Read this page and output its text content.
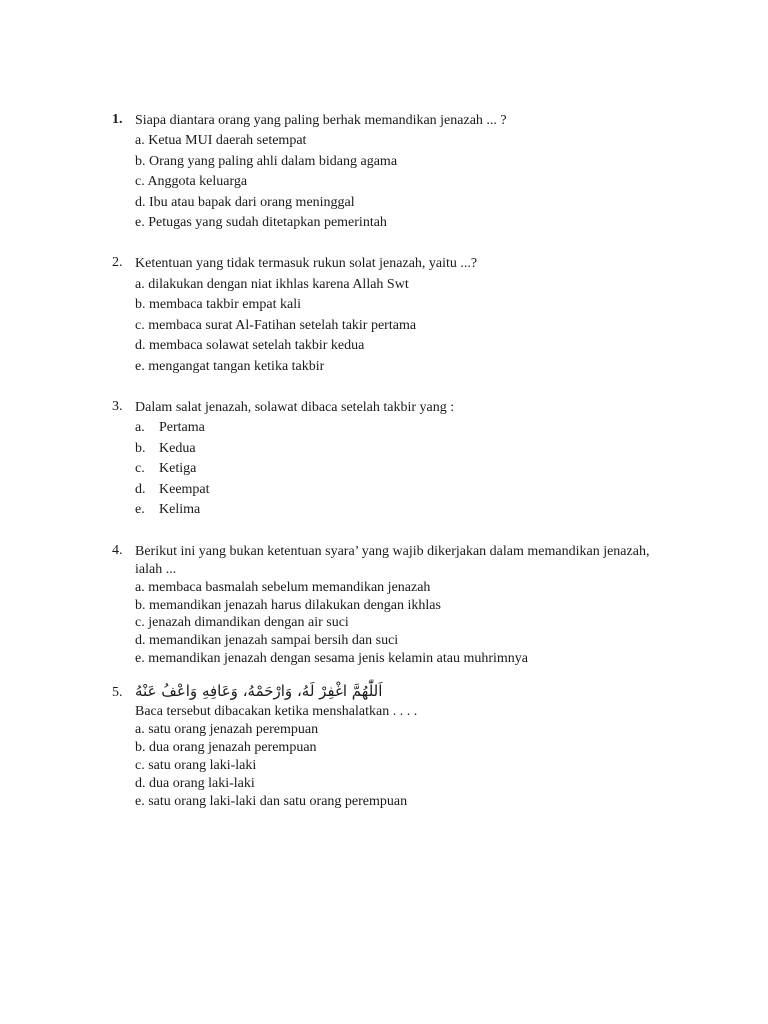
1. Siapa diantara orang yang paling berhak memandikan jenazah ... ?
a. Ketua MUI daerah setempat
b. Orang yang paling ahli dalam bidang agama
c. Anggota keluarga
d. Ibu atau bapak dari orang meninggal
e. Petugas yang sudah ditetapkan pemerintah
2. Ketentuan yang tidak termasuk rukun solat jenazah, yaitu ...?
a. dilakukan dengan niat ikhlas karena Allah Swt
b. membaca takbir empat kali
c. membaca surat Al-Fatihan setelah takir pertama
d. membaca solawat setelah takbir kedua
e. mengangat tangan ketika takbir
3. Dalam salat jenazah, solawat dibaca setelah takbir yang :
a. Pertama
b. Kedua
c. Ketiga
d. Keempat
e. Kelima
4. Berikut ini yang bukan ketentuan syara’ yang wajib dikerjakan dalam memandikan jenazah, ialah ...
a. membaca basmalah sebelum memandikan jenazah
b. memandikan jenazah harus dilakukan dengan ikhlas
c. jenazah dimandikan dengan air suci
d. memandikan jenazah sampai bersih dan suci
e. memandikan jenazah dengan sesama jenis kelamin atau muhrimnya
5. اَللّٰهُمَّ اغْفِرْ لَهُ، وَارْحَمْهُ، وَعَافِهِ وَاعْفُ عَنْهُ
Baca tersebut dibacakan ketika menshalatkan . . . .
a. satu orang jenazah perempuan
b. dua orang jenazah perempuan
c. satu orang laki-laki
d. dua orang laki-laki
e. satu orang laki-laki dan satu orang perempuan
